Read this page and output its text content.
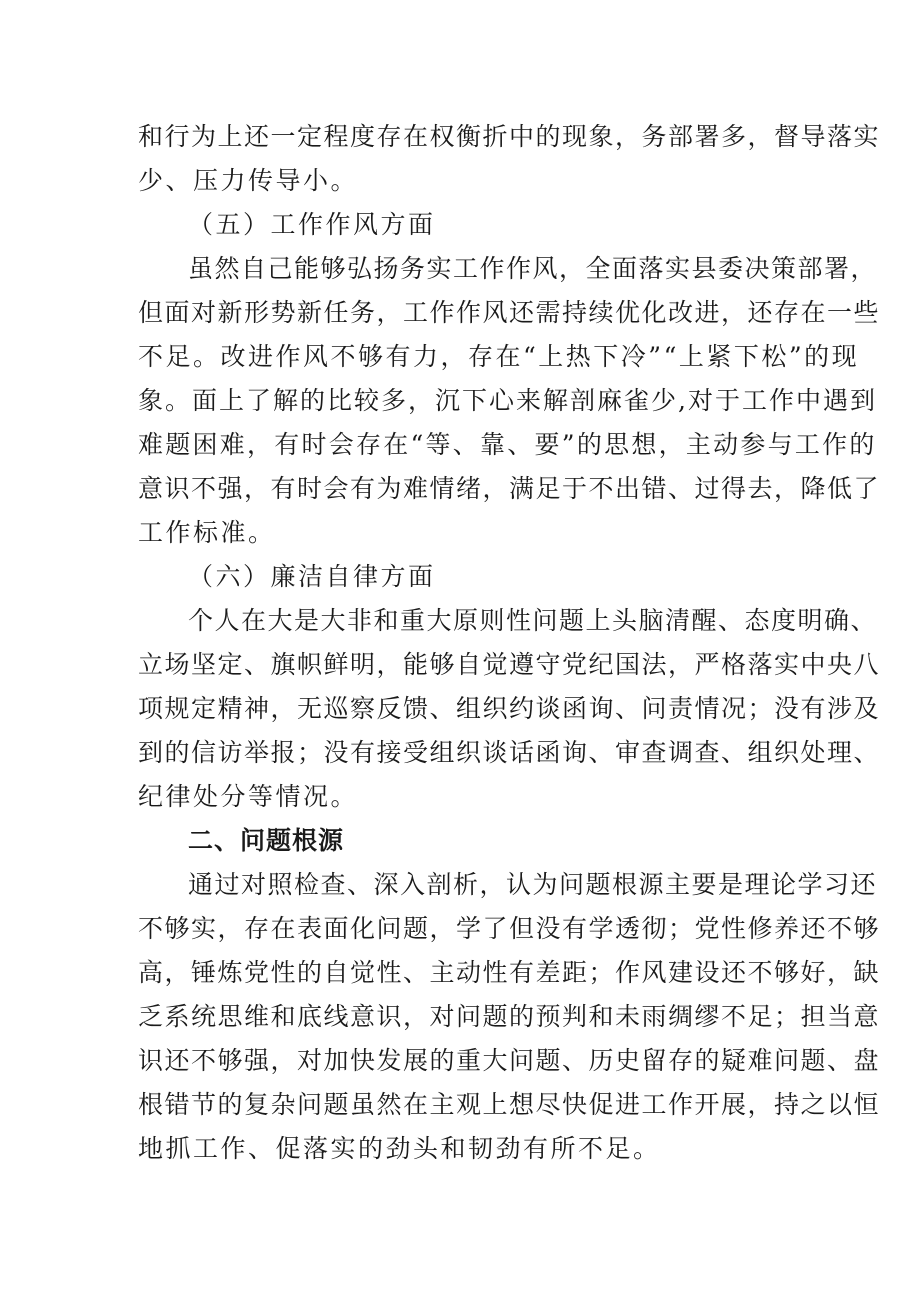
和行为上还一定程度存在权衡折中的现象，务部署多，督导落实
少、压力传导小。
（五）工作作风方面
虽然自己能够弘扬务实工作作风，全面落实县委决策部署，
但面对新形势新任务，工作作风还需持续优化改进，还存在一些
不足。改进作风不够有力，存在“上热下冷”“上紧下松”的现
象。面上了解的比较多，沉下心来解剖麻雀少,对于工作中遇到
难题困难，有时会存在“等、靠、要”的思想，主动参与工作的
意识不强，有时会有为难情绪，满足于不出错、过得去，降低了
工作标准。
（六）廉洁自律方面
个人在大是大非和重大原则性问题上头脑清醒、态度明确、
立场坚定、旗帜鲜明，能够自觉遵守党纪国法，严格落实中央八
项规定精神，无巡察反馈、组织约谈函询、问责情况；没有涉及
到的信访举报；没有接受组织谈话函询、审查调查、组织处理、
纪律处分等情况。
二、问题根源
通过对照检查、深入剖析，认为问题根源主要是理论学习还
不够实，存在表面化问题，学了但没有学透彻；党性修养还不够
高，锤炼党性的自觉性、主动性有差距；作风建设还不够好，缺
乏系统思维和底线意识，对问题的预判和未雨绸缪不足；担当意
识还不够强，对加快发展的重大问题、历史留存的疑难问题、盘
根错节的复杂问题虽然在主观上想尽快促进工作开展，持之以恒
地抓工作、促落实的劲头和韧劲有所不足。
